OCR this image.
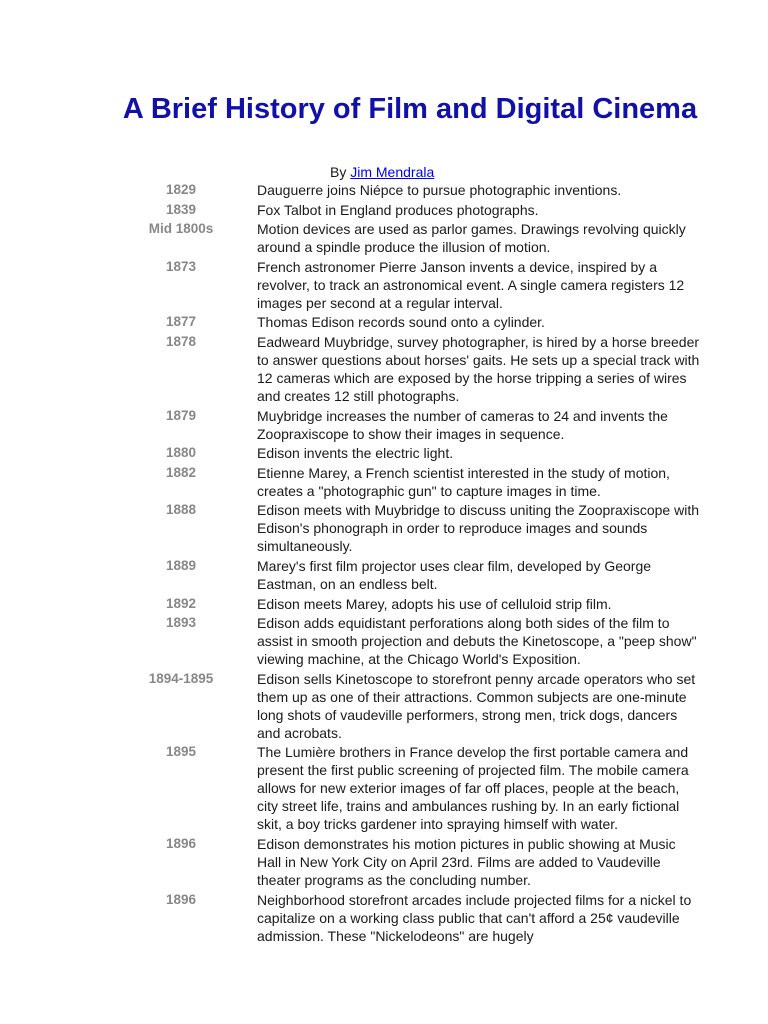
A Brief History of Film and Digital Cinema
By Jim Mendrala
1829	Dauguerre joins Niépce to pursue photographic inventions.
1839	Fox Talbot in England produces photographs.
Mid 1800s	Motion devices are used as parlor games. Drawings revolving quickly around a spindle produce the illusion of motion.
1873	French astronomer Pierre Janson invents a device, inspired by a revolver, to track an astronomical event. A single camera registers 12 images per second at a regular interval.
1877	Thomas Edison records sound onto a cylinder.
1878	Eadweard Muybridge, survey photographer, is hired by a horse breeder to answer questions about horses' gaits. He sets up a special track with 12 cameras which are exposed by the horse tripping a series of wires and creates 12 still photographs.
1879	Muybridge increases the number of cameras to 24 and invents the Zoopraxiscope to show their images in sequence.
1880	Edison invents the electric light.
1882	Etienne Marey, a French scientist interested in the study of motion, creates a "photographic gun" to capture images in time.
1888	Edison meets with Muybridge to discuss uniting the Zoopraxiscope with Edison's phonograph in order to reproduce images and sounds simultaneously.
1889	Marey's first film projector uses clear film, developed by George Eastman, on an endless belt.
1892	Edison meets Marey, adopts his use of celluloid strip film.
1893	Edison adds equidistant perforations along both sides of the film to assist in smooth projection and debuts the Kinetoscope, a "peep show" viewing machine, at the Chicago World's Exposition.
1894-1895	Edison sells Kinetoscope to storefront penny arcade operators who set them up as one of their attractions. Common subjects are one-minute long shots of vaudeville performers, strong men, trick dogs, dancers and acrobats.
1895	The Lumière brothers in France develop the first portable camera and present the first public screening of projected film. The mobile camera allows for new exterior images of far off places, people at the beach, city street life, trains and ambulances rushing by. In an early fictional skit, a boy tricks gardener into spraying himself with water.
1896	Edison demonstrates his motion pictures in public showing at Music Hall in New York City on April 23rd. Films are added to Vaudeville theater programs as the concluding number.
1896	Neighborhood storefront arcades include projected films for a nickel to capitalize on a working class public that can't afford a 25¢ vaudeville admission. These "Nickelodeons" are hugely
